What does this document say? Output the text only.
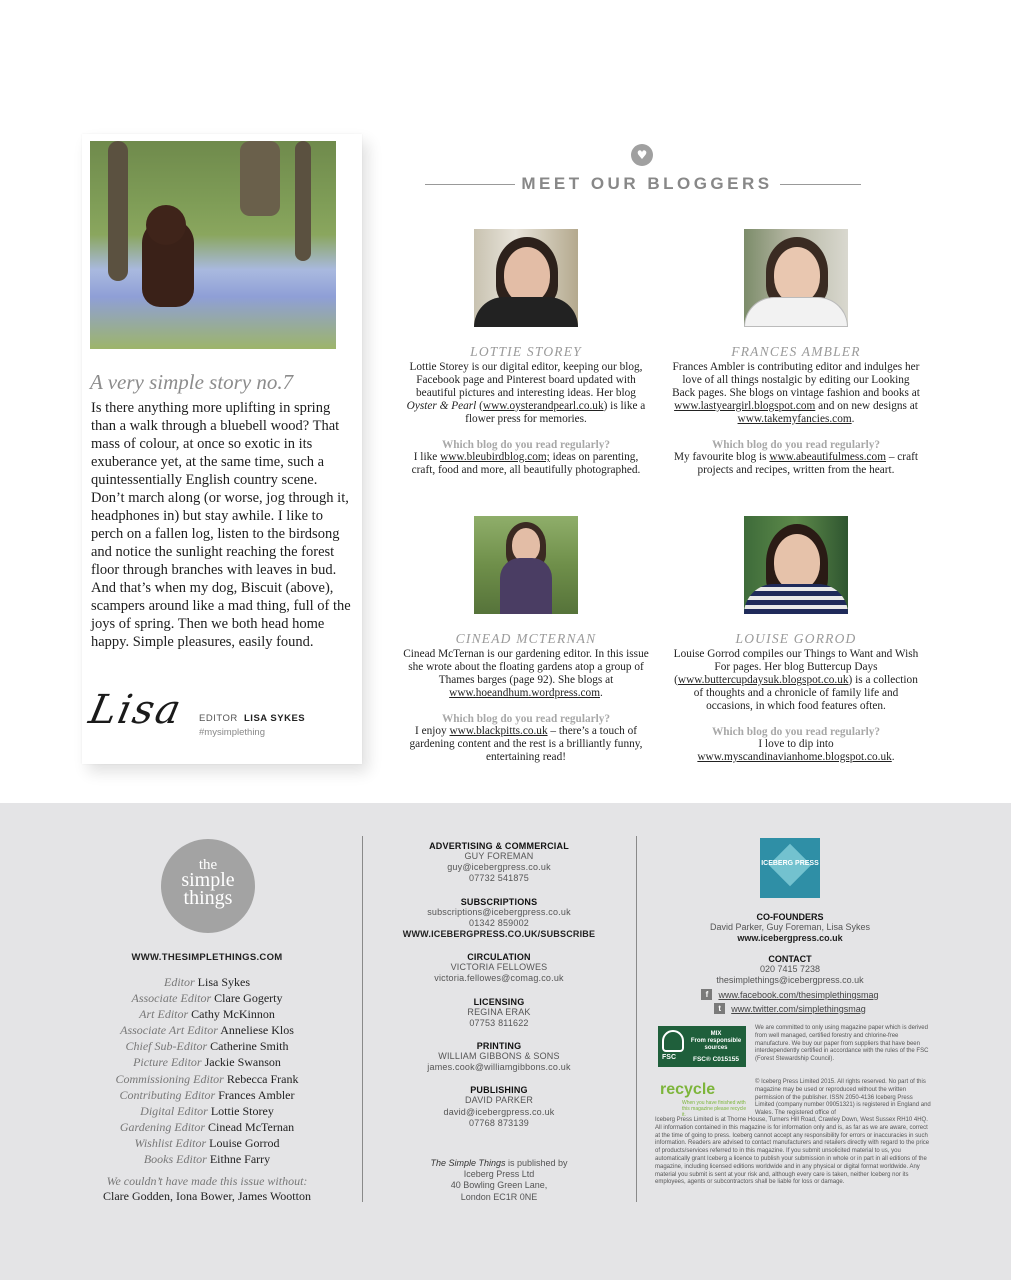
A very simple story no.7
Is there anything more uplifting in spring than a walk through a bluebell wood? That mass of colour, at once so exotic in its exuberance yet, at the same time, such a quintessentially English country scene. Don’t march along (or worse, jog through it, headphones in) but stay awhile. I like to perch on a fallen log, listen to the birdsong and notice the sunlight reaching the forest floor through branches with leaves in bud. And that’s when my dog, Biscuit (above), scampers around like a mad thing, full of the joys of spring. Then we both head home happy. Simple pleasures, easily found.
Lisa EDITOR LISA SYKES
#mysimplething
♥
MEET OUR BLOGGERS
LOTTIE STOREY
Lottie Storey is our digital editor, keeping our blog, Facebook page and Pinterest board updated with beautiful pictures and interesting ideas. Her blog Oyster & Pearl (www.oysterandpearl.co.uk) is like a flower press for memories.
Which blog do you read regularly?
I like www.bleubirdblog.com; ideas on parenting, craft, food and more, all beautifully photographed.
FRANCES AMBLER
Frances Ambler is contributing editor and indulges her love of all things nostalgic by editing our Looking Back pages. She blogs on vintage fashion and books at www.lastyeargirl.blogspot.com and on new designs at www.takemyfancies.com.
Which blog do you read regularly?
My favourite blog is www.abeautifulmess.com – craft projects and recipes, written from the heart.
CINEAD MCTERNAN
Cinead McTernan is our gardening editor. In this issue she wrote about the floating gardens atop a group of Thames barges (page 92). She blogs at www.hoeandhum.wordpress.com.
Which blog do you read regularly?
I enjoy www.blackpitts.co.uk – there’s a touch of gardening content and the rest is a brilliantly funny, entertaining read!
LOUISE GORROD
Louise Gorrod compiles our Things to Want and Wish For pages. Her blog Buttercup Days (www.buttercupdaysuk.blogspot.co.uk) is a collection of thoughts and a chronicle of family life and occasions, in which food features often.
Which blog do you read regularly?
I love to dip into www.myscandinavianhome.blogspot.co.uk.
the
simple
things
WWW.THESIMPLETHINGS.COM
Editor Lisa Sykes
Associate Editor Clare Gogerty
Art Editor Cathy McKinnon
Associate Art Editor Anneliese Klos
Chief Sub-Editor Catherine Smith
Picture Editor Jackie Swanson
Commissioning Editor Rebecca Frank
Contributing Editor Frances Ambler
Digital Editor Lottie Storey
Gardening Editor Cinead McTernan
Wishlist Editor Louise Gorrod
Books Editor Eithne Farry
We couldn’t have made this issue without:
Clare Godden, Iona Bower, James Wootton
ADVERTISING & COMMERCIAL
GUY FOREMAN
guy@icebergpress.co.uk
07732 541875
SUBSCRIPTIONS
subscriptions@icebergpress.co.uk
01342 859002
WWW.ICEBERGPRESS.CO.UK/SUBSCRIBE
CIRCULATION
VICTORIA FELLOWES
victoria.fellowes@comag.co.uk
LICENSING
REGINA ERAK
07753 811622
PRINTING
WILLIAM GIBBONS & SONS
james.cook@williamgibbons.co.uk
PUBLISHING
DAVID PARKER
david@icebergpress.co.uk
07768 873139
The Simple Things is published by
Iceberg Press Ltd
40 Bowling Green Lane,
London EC1R 0NE
ICEBERG PRESS
CO-FOUNDERS
David Parker, Guy Foreman, Lisa Sykes
www.icebergpress.co.uk
CONTACT
020 7415 7238
thesimplethings@icebergpress.co.uk
f	www.facebook.com/thesimplethingsmag
t	www.twitter.com/simplethingsmag
FSC
MIX
From responsible sources
FSC® C015155
We are committed to only using magazine paper which is derived from well managed, certified forestry and chlorine-free manufacture. We buy our paper from suppliers that have been interdependently certified in accordance with the rules of the FSC (Forest Stewardship Council).
recycle
When you have finished with this magazine please recycle it.
© Iceberg Press Limited 2015. All rights reserved. No part of this magazine may be used or reproduced without the written permission of the publisher. ISSN 2050-4136 Iceberg Press Limited (company number 09051321) is registered in England and Wales. The registered office of
Iceberg Press Limited is at Thorne House, Turners Hill Road, Crawley Down, West Sussex RH10 4HQ. All information contained in this magazine is for information only and is, as far as we are aware, correct at the time of going to press. Iceberg cannot accept any responsibility for errors or inaccuracies in such information. Readers are advised to contact manufacturers and retailers directly with regard to the price of products/services referred to in this magazine. If you submit unsolicited material to us, you automatically grant Iceberg a licence to publish your submission in whole or in part in all editions of the magazine, including licensed editions worldwide and in any physical or digital format worldwide. Any material you submit is sent at your risk and, although every care is taken, neither Iceberg nor its employees, agents or subcontractors shall be liable for loss or damage.
